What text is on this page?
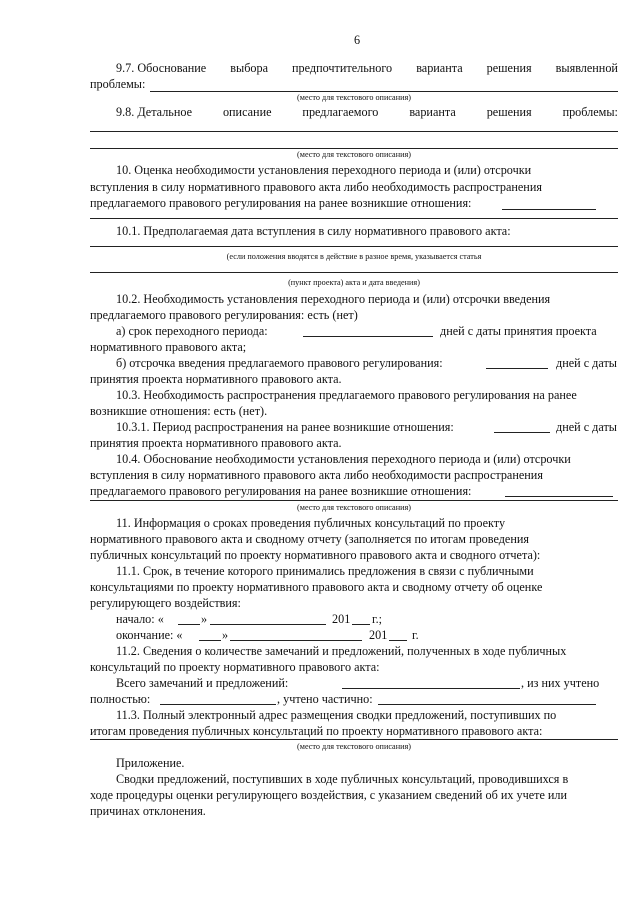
6
9.7. Обоснование выбора предпочтительного варианта решения выявленной
проблемы:
(место для текстового описания)
9.8. Детальное	описание	предлагаемого	варианта	решения	проблемы:
(место для текстового описания)
10. Оценка необходимости установления переходного периода и (или) отсрочки
вступления в силу нормативного правового акта либо необходимость распространения
предлагаемого правового регулирования на ранее возникшие отношения:
10.1. Предполагаемая дата вступления в силу нормативного правового акта:
(если положения вводятся в действие в разное время, указывается статья
(пункт проекта) акта и дата введения)
10.2. Необходимость установления переходного периода и (или) отсрочки введения
предлагаемого правового регулирования: есть (нет)
а) срок переходного периода:	дней с даты принятия проекта
нормативного правового акта;
б) отсрочка введения предлагаемого правового регулирования:	дней с даты
принятия проекта нормативного правового акта.
10.3. Необходимость распространения предлагаемого правового регулирования на ранее
возникшие отношения: есть (нет).
10.3.1. Период распространения на ранее возникшие отношения:	дней с даты
принятия проекта нормативного правового акта.
10.4. Обоснование необходимости установления переходного периода и (или) отсрочки
вступления в силу нормативного правового акта либо необходимости распространения
предлагаемого правового регулирования на ранее возникшие отношения:
(место для текстового описания)
11. Информация о сроках проведения публичных консультаций по проекту
нормативного правового акта и сводному отчету (заполняется по итогам проведения
публичных консультаций по проекту нормативного правового акта и сводного отчета):
11.1. Срок, в течение которого принимались предложения в связи с публичными
консультациями по проекту нормативного правового акта и сводному отчету об оценке
регулирующего воздействия:
начало: «	»	201 г.;
окончание: «	»	201 г.
11.2. Сведения о количестве замечаний и предложений, полученных в ходе публичных
консультаций по проекту нормативного правового акта:
Всего замечаний и предложений:	, из них учтено
полностью:	, учтено частично:
11.3. Полный электронный адрес размещения сводки предложений, поступивших по
итогам проведения публичных консультаций по проекту нормативного правового акта:
(место для текстового описания)
Приложение.
Сводки предложений, поступивших в ходе публичных консультаций, проводившихся в
ходе процедуры оценки регулирующего воздействия, с указанием сведений об их учете или
причинах отклонения.
